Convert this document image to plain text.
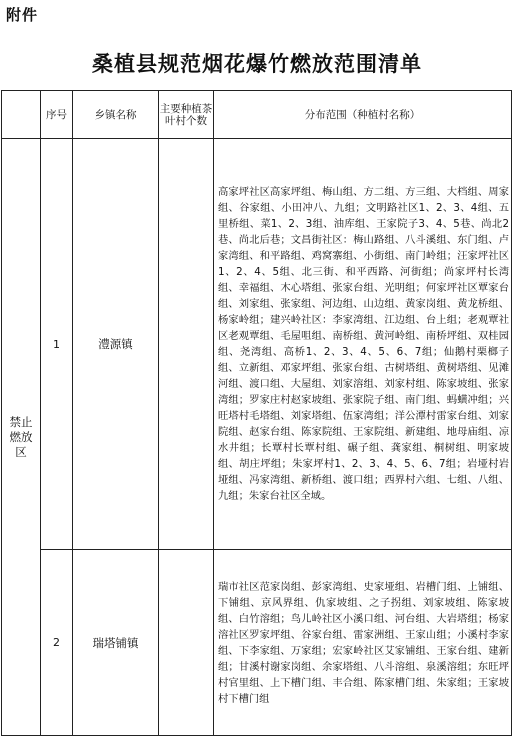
附件
桑植县规范烟花爆竹燃放范围清单
	序号	乡镇名称	主要种植茶叶村个数	分布范围（种植村名称）

禁止燃放区	1	澧源镇		高家坪社区高家坪组、梅山组、方二组、方三组、大档组、周家组、谷家组、小田冲八、九组；文明路社区1、2、3、4组、五里桥组、菜1、2、3组、油库组、王家院子3、4、5巷、尚北2巷、尚北后巷；文昌街社区：梅山路组、八斗溪组、东门组、卢家湾组、和平路组、鸡窝寨组、小街组、南门岭组；汪家坪社区1、2、4、5组、北三街、和平西路、河街组；尚家坪村长湾组、幸福组、木心塔组、张家台组、光明组；何家坪社区覃家台组、刘家组、张家组、河边组、山边组、黄家岗组、黄龙桥组、杨家岭组；建兴岭社区：李家湾组、江边组、台上组；老观覃社区老观覃组、毛屋咀组、南桥组、黄河岭组、南桥坪组、双桂园组、尧湾组、高桥1、2、3、4、5、6、7组；仙鹅村栗榔子组、立新组、邓家坪组、张家台组、古树塔组、黄树塔组、见滩河组、渡口组、大屋组、刘家溶组、刘家村组、陈家坡组、张家湾组；罗家庄村赵家坡组、张家院子组、南门组、蚂蟥冲组；兴旺塔村毛塔组、刘家塔组、伍家湾组；洋公潭村雷家台组、刘家院组、赵家台组、陈家院组、王家院组、新建组、地母庙组、凉水井组；长覃村长覃村组、碾子组、龚家组、桐树组、明家坡组、胡庄坪组；朱家坪村1、2、3、4、5、6、7组；岩垭村岩垭组、冯家湾组、新桥组、渡口组；西界村六组、七组、八组、九组；朱家台社区全域。
	2	瑞塔铺镇		瑞市社区范家岗组、彭家湾组、史家垭组、岩槽门组、上铺组、下铺组、京风界组、仇家坡组、之子拐组、刘家坡组、陈家坡组、白竹溶组；鸟儿岭社区小溪口组、河台组、大岩塔组；杨家溶社区罗家坪组、谷家台组、雷家洲组、王家山组；小溪村李家组、下李家组、万家组；宏家岭社区艾家铺组、王家台组、建新组；甘溪村谢家岗组、余家塔组、八斗溶组、泉溪溶组；东旺坪村官里组、上下槽门组、丰合组、陈家槽门组、朱家组；王家坡村下槽门组
